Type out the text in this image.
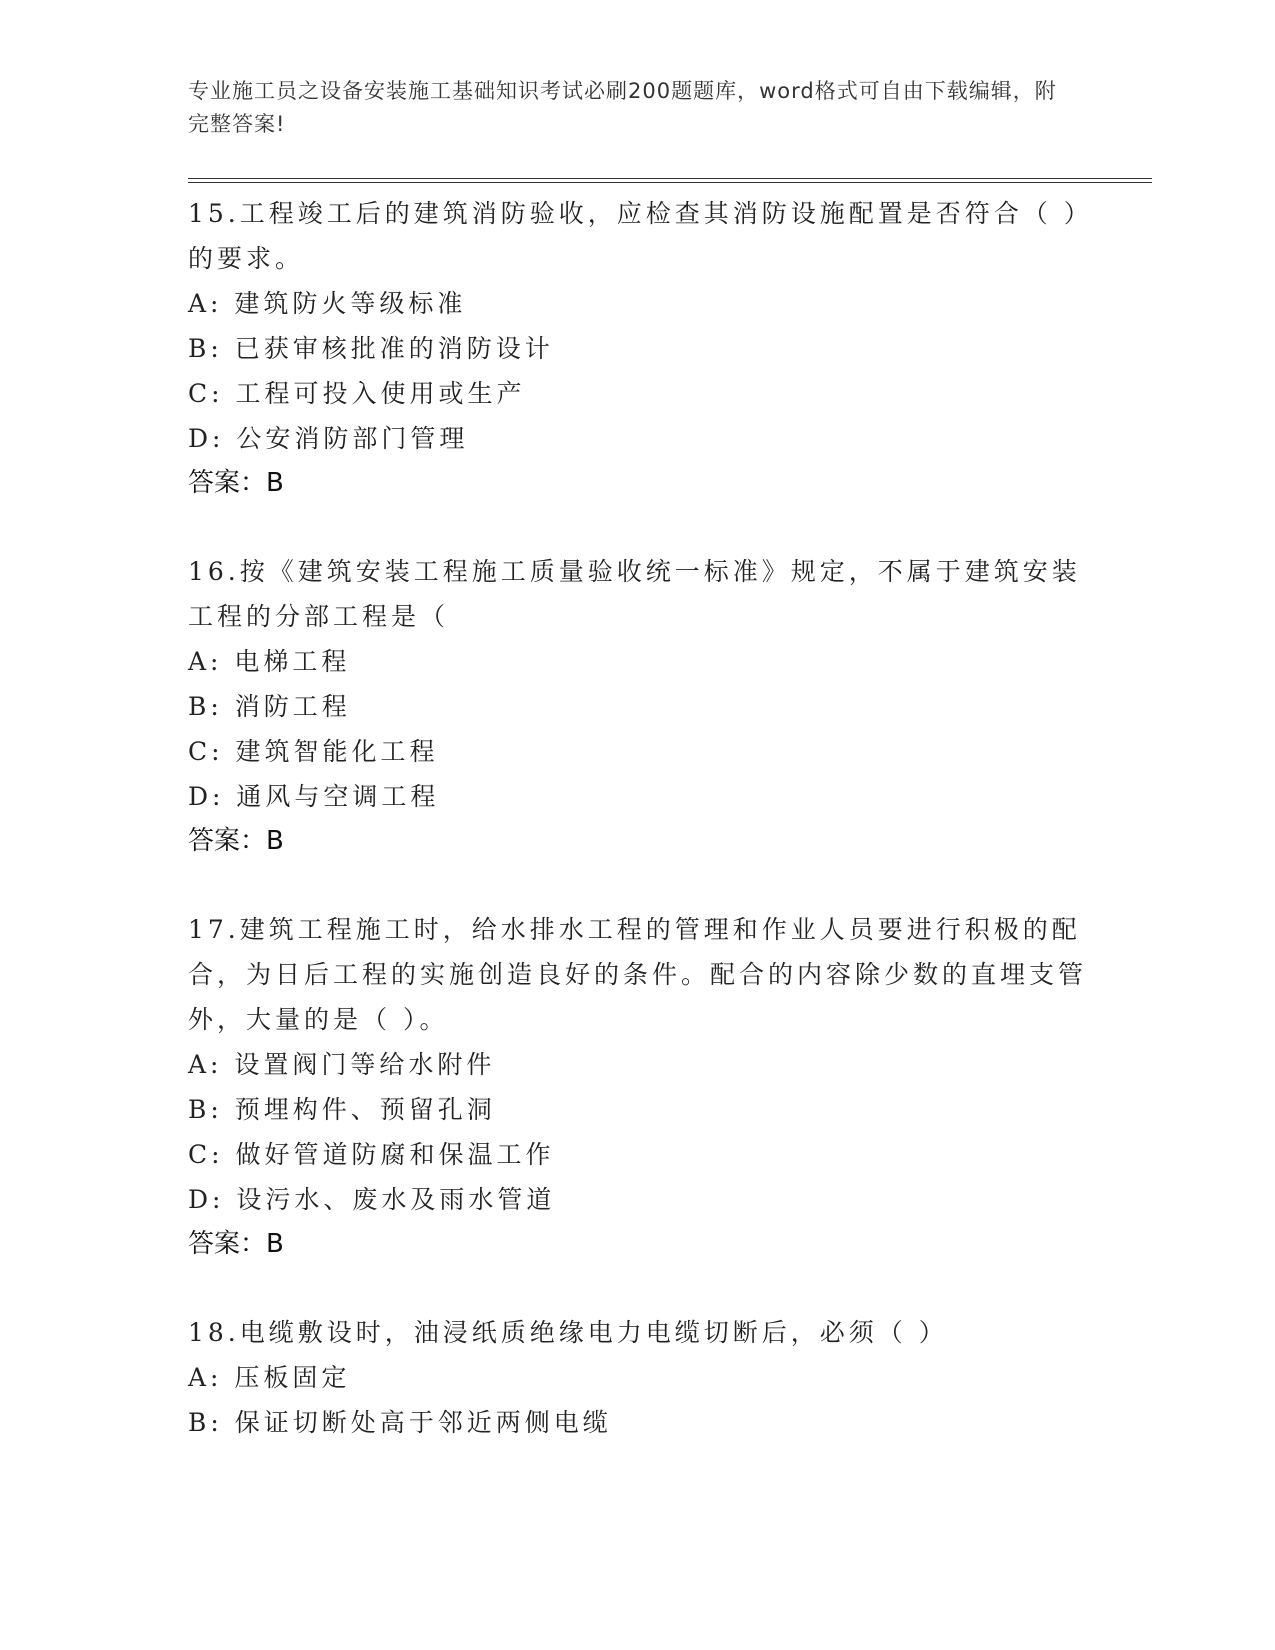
专业施工员之设备安装施工基础知识考试必刷200题题库，word格式可自由下载编辑，附完整答案!

15.工程竣工后的建筑消防验收，应检查其消防设施配置是否符合（ ）的要求。

A: 建筑防火等级标准

B: 已获审核批准的消防设计

C: 工程可投入使用或生产

D: 公安消防部门管理

答案：B

16.按《建筑安装工程施工质量验收统一标准》规定，不属于建筑安装工程的分部工程是（

A: 电梯工程

B: 消防工程

C: 建筑智能化工程

D: 通风与空调工程

答案：B

17.建筑工程施工时，给水排水工程的管理和作业人员要进行积极的配合，为日后工程的实施创造良好的条件。配合的内容除少数的直埋支管外，大量的是（ ）。

A: 设置阀门等给水附件

B: 预埋构件、预留孔洞

C: 做好管道防腐和保温工作

D: 设污水、废水及雨水管道

答案：B

18.电缆敷设时，油浸纸质绝缘电力电缆切断后，必须（ ）

A: 压板固定

B: 保证切断处高于邻近两侧电缆
